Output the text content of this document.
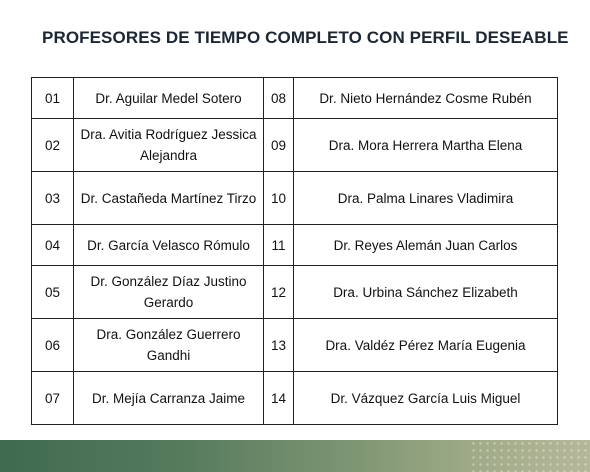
PROFESORES DE TIEMPO COMPLETO CON PERFIL DESEABLE
01	Dr. Aguilar Medel Sotero	08	Dr. Nieto Hernández Cosme Rubén
02	Dra. Avitia Rodríguez Jessica Alejandra	09	Dra. Mora Herrera Martha Elena
03	Dr. Castañeda Martínez Tirzo	10	Dra. Palma Linares Vladimira
04	Dr. García Velasco Rómulo	11	Dr. Reyes Alemán Juan Carlos
05	Dr. González Díaz Justino Gerardo	12	Dra. Urbina Sánchez Elizabeth
06	Dra. González Guerrero Gandhi	13	Dra. Valdéz Pérez María Eugenia
07	Dr. Mejía Carranza Jaime	14	Dr. Vázquez García Luis Miguel
